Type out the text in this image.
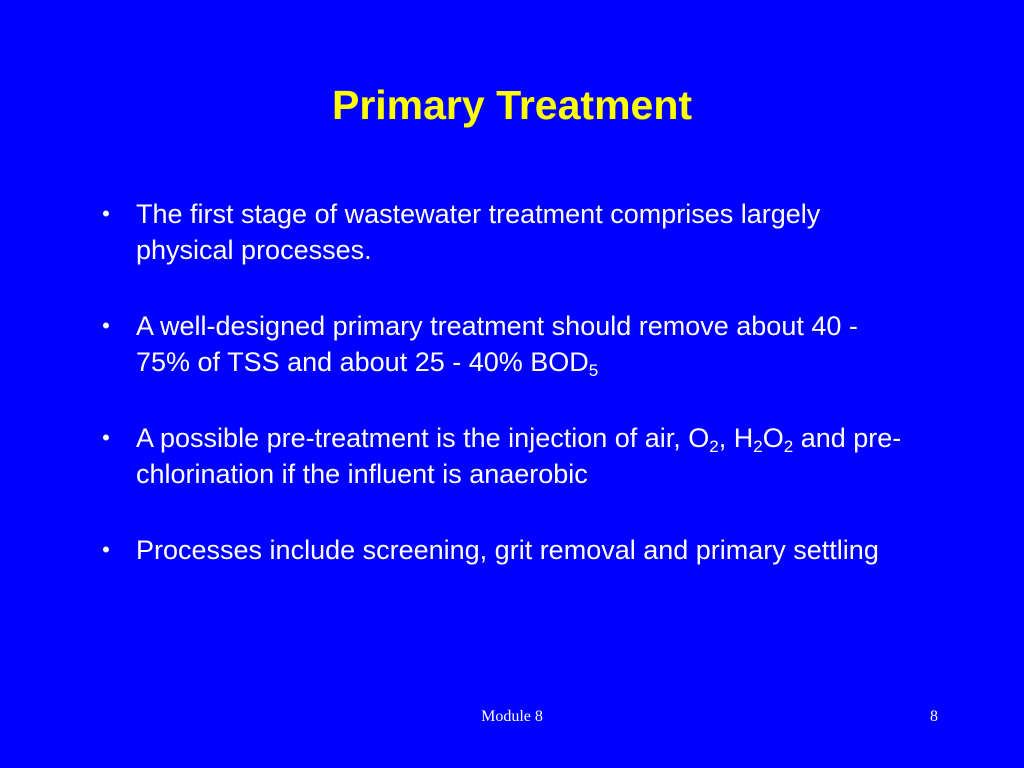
Primary Treatment
• The first stage of wastewater treatment comprises largely physical processes.
• A well-designed primary treatment should remove about 40 - 75% of TSS and about 25 - 40% $BOD_5$
• A possible pre-treatment is the injection of air, $O_2$, $H_2O_2$ and pre-chlorination if the influent is anaerobic
• Processes include screening, grit removal and primary settling
Module 8	8
